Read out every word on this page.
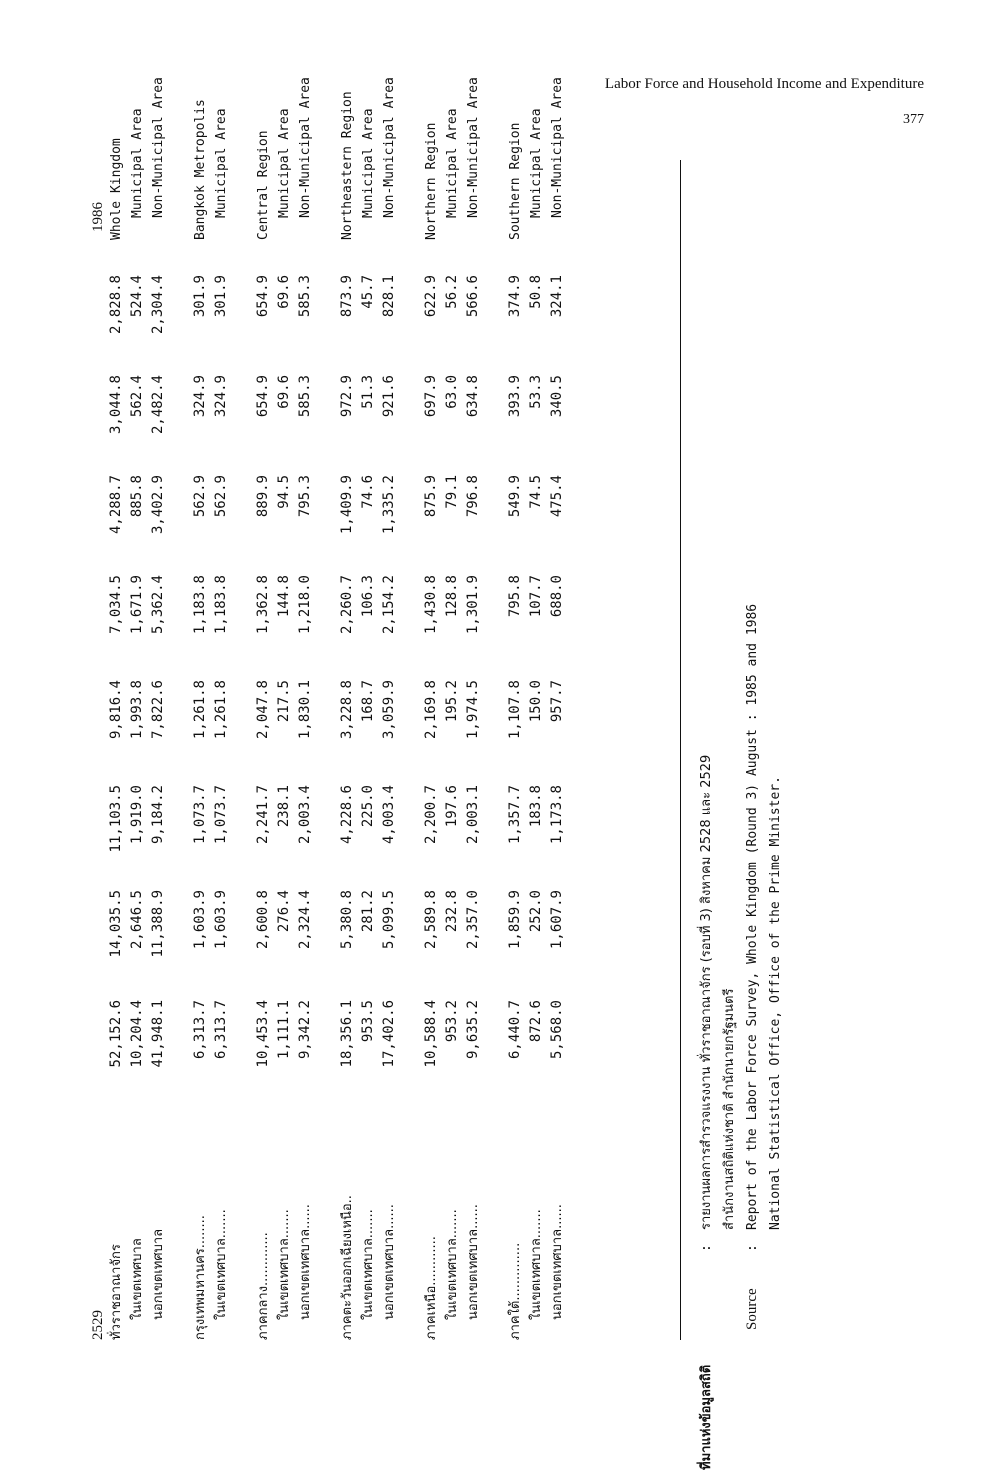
Labor Force and Household Income and Expenditure
377
2529
1986
ทั่วราชอาณาจักร
52,152.6
14,035.5
11,103.5
9,816.4
7,034.5
4,288.7
3,044.8
2,828.8
Whole Kingdom
ในเขตเทศบาล
10,204.4
2,646.5
1,919.0
1,993.8
1,671.9
885.8
562.4
524.4
Municipal Area
นอกเขตเทศบาล
41,948.1
11,388.9
9,184.2
7,822.6
5,362.4
3,402.9
2,482.4
2,304.4
Non-Municipal Area
กรุงเทพมหานคร........
6,313.7
1,603.9
1,073.7
1,261.8
1,183.8
562.9
324.9
301.9
Bangkok Metropolis
ในเขตเทศบาล.......
6,313.7
1,603.9
1,073.7
1,261.8
1,183.8
562.9
324.9
301.9
Municipal Area
ภาคกลาง.............
10,453.4
2,600.8
2,241.7
2,047.8
1,362.8
889.9
654.9
654.9
Central Region
ในเขตเทศบาล.......
1,111.1
276.4
238.1
217.5
144.8
94.5
69.6
69.6
Municipal Area
นอกเขตเทศบาล......
9,342.2
2,324.4
2,003.4
1,830.1
1,218.0
795.3
585.3
585.3
Non-Municipal Area
ภาคตะวันออกเฉียงเหนือ..
18,356.1
5,380.8
4,228.6
3,228.8
2,260.7
1,409.9
972.9
873.9
Northeastern Region
ในเขตเทศบาล.......
953.5
281.2
225.0
168.7
106.3
74.6
51.3
45.7
Municipal Area
นอกเขตเทศบาล......
17,402.6
5,099.5
4,003.4
3,059.9
2,154.2
1,335.2
921.6
828.1
Non-Municipal Area
ภาคเหนือ............
10,588.4
2,589.8
2,200.7
2,169.8
1,430.8
875.9
697.9
622.9
Northern Region
ในเขตเทศบาล.......
953.2
232.8
197.6
195.2
128.8
79.1
63.0
56.2
Municipal Area
นอกเขตเทศบาล......
9,635.2
2,357.0
2,003.1
1,974.5
1,301.9
796.8
634.8
566.6
Non-Municipal Area
ภาคใต้..............
6,440.7
1,859.9
1,357.7
1,107.8
795.8
549.9
393.9
374.9
Southern Region
ในเขตเทศบาล.......
872.6
252.0
183.8
150.0
107.7
74.5
53.3
50.8
Municipal Area
นอกเขตเทศบาล......
5,568.0
1,607.9
1,173.8
957.7
688.0
475.4
340.5
324.1
Non-Municipal Area
ที่มาแห่งข้อมูลสถิติ
:
รายงานผลการสำรวจแรงงาน ทั่วราชอาณาจักร (รอบที่ 3) สิงหาคม 2528 และ 2529 สำนักงานสถิติแห่งชาติ สำนักนายกรัฐมนตรี
Source
:
Report of the Labor Force Survey, Whole Kingdom (Round 3) August : 1985 and 1986 National Statistical Office, Office of the Prime Minister.
